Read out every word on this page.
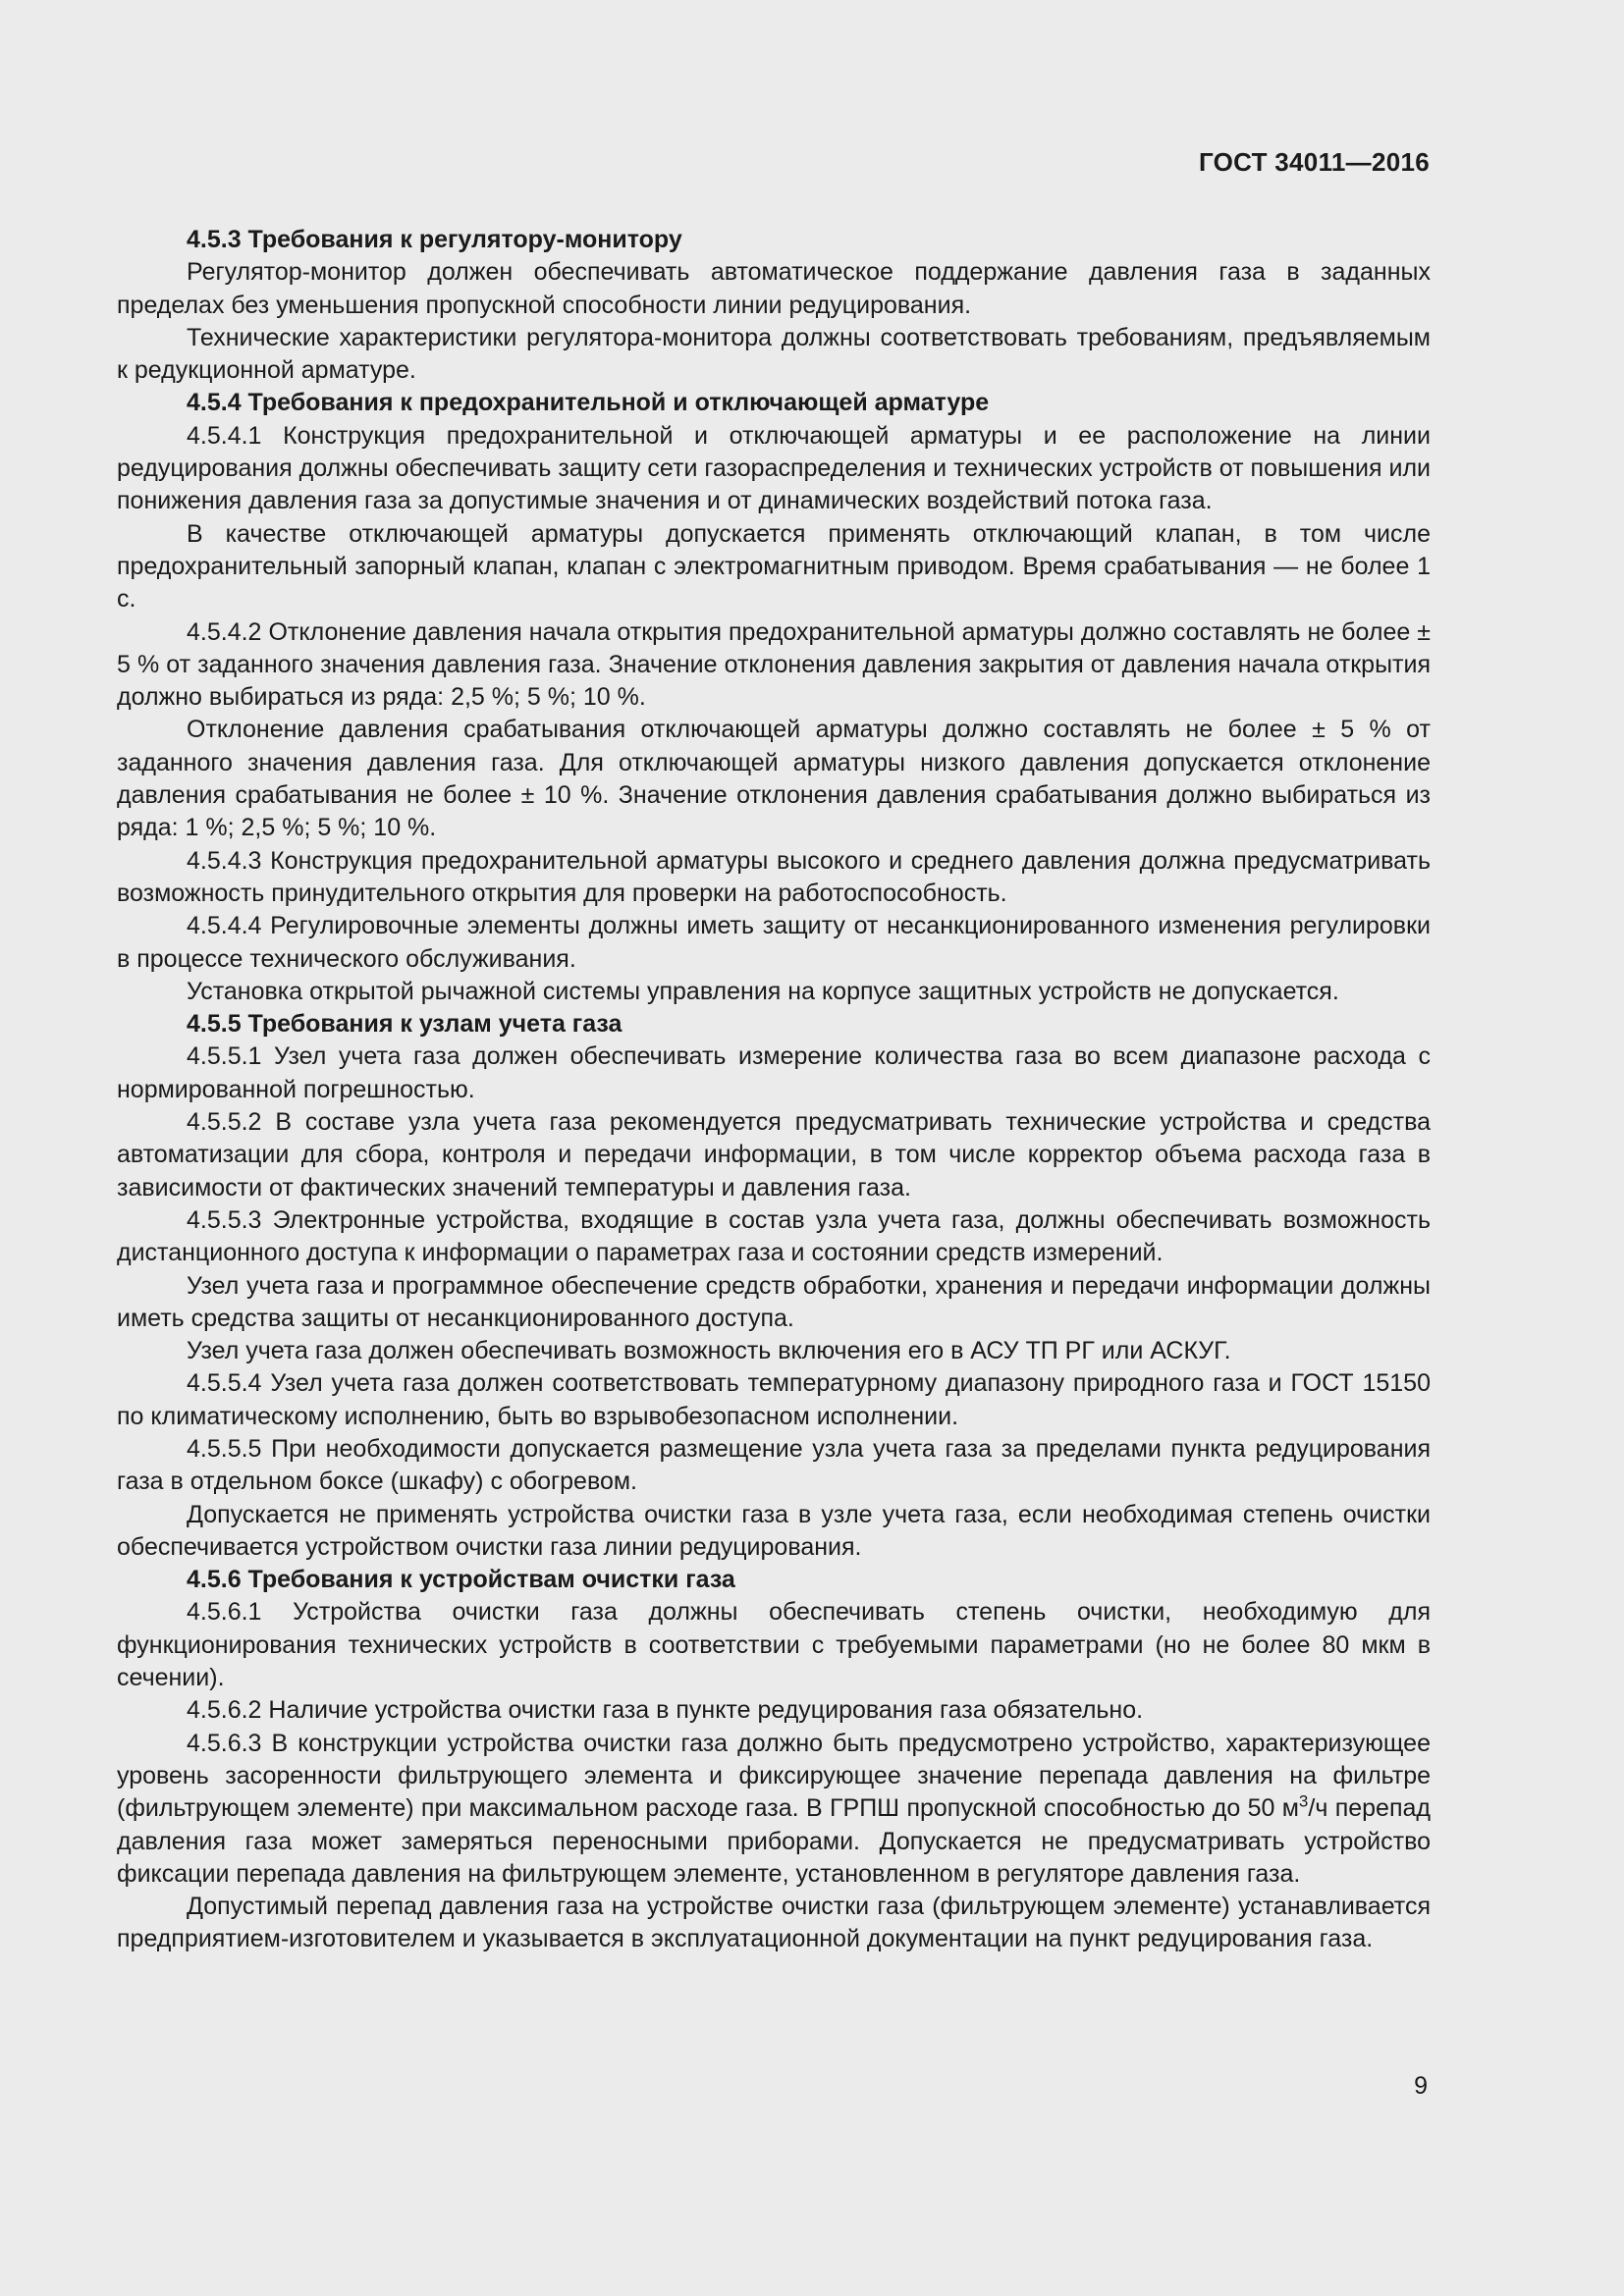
ГОСТ 34011—2016

4.5.3 Требования к регулятору-монитору

Регулятор-монитор должен обеспечивать автоматическое поддержание давления газа в заданных пределах без уменьшения пропускной способности линии редуцирования.

Технические характеристики регулятора-монитора должны соответствовать требованиям, предъявляемым к редукционной арматуре.

4.5.4 Требования к предохранительной и отключающей арматуре

4.5.4.1 Конструкция предохранительной и отключающей арматуры и ее расположение на линии редуцирования должны обеспечивать защиту сети газораспределения и технических устройств от повышения или понижения давления газа за допустимые значения и от динамических воздействий потока газа.

В качестве отключающей арматуры допускается применять отключающий клапан, в том числе предохранительный запорный клапан, клапан с электромагнитным приводом. Время срабатывания — не более 1 с.

4.5.4.2 Отклонение давления начала открытия предохранительной арматуры должно составлять не более ± 5 % от заданного значения давления газа. Значение отклонения давления закрытия от давления начала открытия должно выбираться из ряда: 2,5 %; 5 %; 10 %.

Отклонение давления срабатывания отключающей арматуры должно составлять не более ± 5 % от заданного значения давления газа. Для отключающей арматуры низкого давления допускается отклонение давления срабатывания не более ± 10 %. Значение отклонения давления срабатывания должно выбираться из ряда: 1 %; 2,5 %; 5 %; 10 %.

4.5.4.3 Конструкция предохранительной арматуры высокого и среднего давления должна предусматривать возможность принудительного открытия для проверки на работоспособность.

4.5.4.4 Регулировочные элементы должны иметь защиту от несанкционированного изменения регулировки в процессе технического обслуживания.

Установка открытой рычажной системы управления на корпусе защитных устройств не допускается.

4.5.5 Требования к узлам учета газа

4.5.5.1 Узел учета газа должен обеспечивать измерение количества газа во всем диапазоне расхода с нормированной погрешностью.

4.5.5.2 В составе узла учета газа рекомендуется предусматривать технические устройства и средства автоматизации для сбора, контроля и передачи информации, в том числе корректор объема расхода газа в зависимости от фактических значений температуры и давления газа.

4.5.5.3 Электронные устройства, входящие в состав узла учета газа, должны обеспечивать возможность дистанционного доступа к информации о параметрах газа и состоянии средств измерений.

Узел учета газа и программное обеспечение средств обработки, хранения и передачи информации должны иметь средства защиты от несанкционированного доступа.

Узел учета газа должен обеспечивать возможность включения его в АСУ ТП РГ или АСКУГ.

4.5.5.4 Узел учета газа должен соответствовать температурному диапазону природного газа и ГОСТ 15150 по климатическому исполнению, быть во взрывобезопасном исполнении.

4.5.5.5 При необходимости допускается размещение узла учета газа за пределами пункта редуцирования газа в отдельном боксе (шкафу) с обогревом.

Допускается не применять устройства очистки газа в узле учета газа, если необходимая степень очистки обеспечивается устройством очистки газа линии редуцирования.

4.5.6 Требования к устройствам очистки газа

4.5.6.1 Устройства очистки газа должны обеспечивать степень очистки, необходимую для функционирования технических устройств в соответствии с требуемыми параметрами (но не более 80 мкм в сечении).

4.5.6.2 Наличие устройства очистки газа в пункте редуцирования газа обязательно.

4.5.6.3 В конструкции устройства очистки газа должно быть предусмотрено устройство, характеризующее уровень засоренности фильтрующего элемента и фиксирующее значение перепада давления на фильтре (фильтрующем элементе) при максимальном расходе газа. В ГРПШ пропускной способностью до 50 $м^3/ч$ перепад давления газа может замеряться переносными приборами. Допускается не предусматривать устройство фиксации перепада давления на фильтрующем элементе, установленном в регуляторе давления газа.

Допустимый перепад давления газа на устройстве очистки газа (фильтрующем элементе) устанавливается предприятием-изготовителем и указывается в эксплуатационной документации на пункт редуцирования газа.

9
